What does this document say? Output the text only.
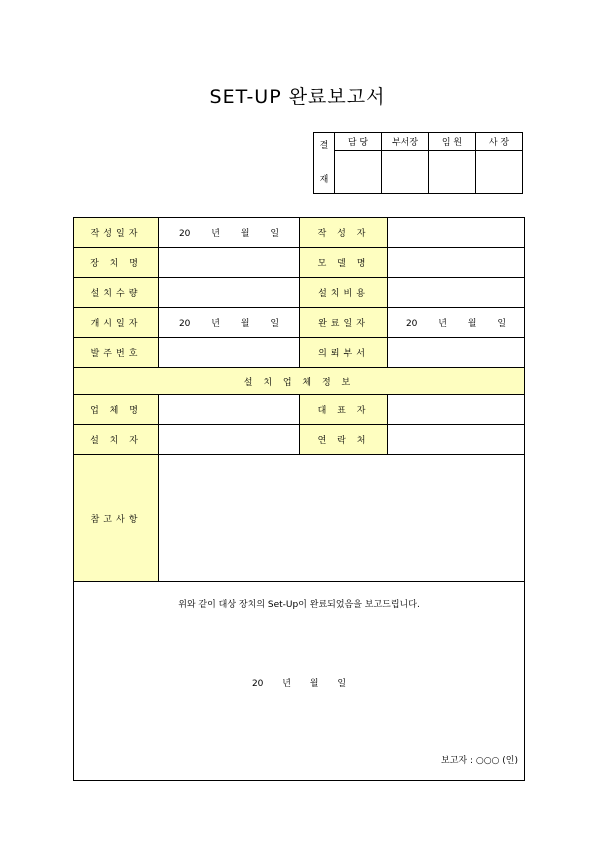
SET-UP 완료보고서
결
재	담 당	부서장	임 원	사 장

작성일자	20 년 월 일	작 성 자	
장 치 명		모 델 명	
설치수량		설치비용	
개시일자	20 년 월 일	완료일자	20 년 월 일
발주번호		의뢰부서	
설 치 업 체 정 보			
업 체 명		대 표 자	
설 치 자		연 락 처	
참고사항			

위와 같이 대상 장치의 Set-Up이 완료되었음을 보고드립니다.
20 년 월 일
보고자 : ○○○ (인)			
